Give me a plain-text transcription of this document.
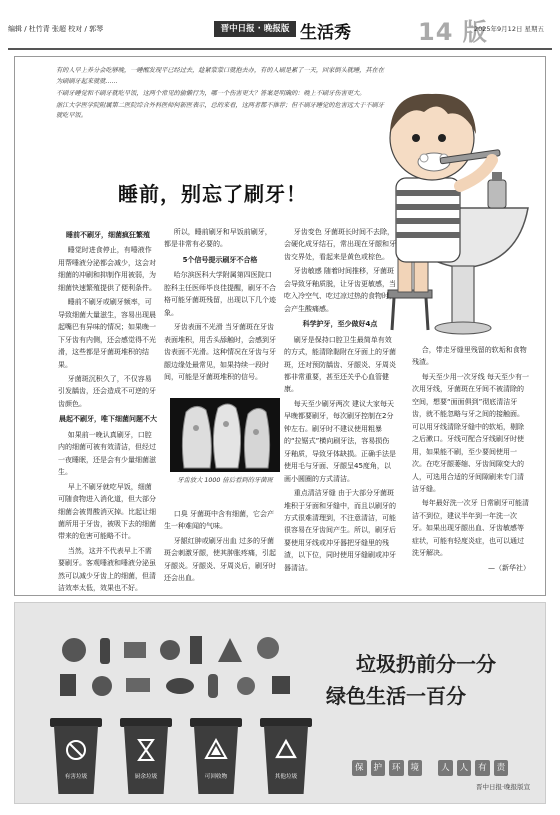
编辑 / 杜竹青 张超 校对 / 郭琴	晋中日报 · 晚报版 生活秀	14 版
2025年9月12日 星期五

有的人早上养分会吃够晚，一睡醒发现平已经过去，趁紧蒙蒙口就抱去办，有的人刷是累了一天，回家倒头就睡，其在在为刷刷牙起来就就……

不刷牙睡觉和不刷牙就吃早饭，这两个常见的偷懒行为，哪一个伤害更大？答案是明确的：晚上不刷牙伤害更大。

浙江大学医学院附属第二医院综合外科医师何新医表示，总的来看，这两者都不推荐；但不刷牙睡觉的危害远大于不刷牙就吃早饭。

睡前，别忘了刷牙！
睡前不刷牙，细菌疯狂繁殖

睡觉时进食停止，有唾液作用帮唾液分泌都会减少，这会对细菌的冲刷和抑制作用被弱，为细菌快速繁殖提供了便利条件。

睡前不刷牙或刷牙频率，可导致细菌大量滋生，容易出现晨起嘴巴有异味的情况；如果晚一下牙齿有内侧，还会感觉得不光滑，这些都是牙菌斑堆积的结果。

牙菌斑沉积久了，不仅容易引发龋齿，还会造成不可逆的牙齿颜色。

晨起不刷牙，唯下细菌问题不大

如果前一晚认真刷牙，口腔内的细菌可被有效清洁，但经过一夜睡眠，还是会有少量细菌滋生。

早上不刷牙就吃早饭，细菌可随食物进入消化道，但大部分细菌会被胃酸消灭掉。比起让细菌所用于牙齿，被吸下去的细菌带来的危害可能略不计。

当然，这并不代表早上不需要刷牙。客观唾液和唾液分泌虽然可以减少牙齿上的细菌，但清洁效率太低，效果也不好。

所以，睡前刷牙和早饭前刷牙，都是非常有必要的。

5个信号提示刷牙不合格

哈尔滨医科大学附属第四医院口腔科主任医师毕良佳提醒，刷牙不合格可能牙菌斑残留，出现以下几个迹象。

牙齿表面不光滑 当牙菌斑在牙齿表面堆积，用舌头舔触时，会感到牙齿表面不光滑。这种情况在牙齿与牙龈边缘处最常见，如果持续一段时间，可能是牙菌斑堆积的信号。

牙齿放大 1000 倍后看到的牙菌斑

口臭 牙菌斑中含有细菌，它会产生一种难闻的气味。

牙龈红肿或刷牙出血 过多的牙菌斑会刺激牙龈，使其肿胀疼痛，引起牙龈炎。牙龈炎、牙周炎后，刷牙时还会出血。

牙齿变色 牙菌斑长时间不去除，会硬化成牙结石，常出现在牙龈和牙齿交界处，看起来是黄色或棕色。

牙齿敏感 随着时间推移，牙菌斑会导致牙釉质脱，让牙齿更敏感，当吃入冷空气、吃过凉过热的食物时，会产生酸痛感。

科学护牙，至少做好4点

刷牙是保持口腔卫生最简单有效的方式，能清除黏附在牙面上的牙菌斑，还对预防龋齿、牙龈炎、牙周炎都非常重要，甚至还关乎心血管健康。

每天至少刷牙两次 建议大家每天早晚都要刷牙，每次刷牙控制在2分钟左右。刷牙时不建议使用粗暴的“拉锯式”横向刷牙法，容易损伤牙釉质，导致牙体缺损。正确手法是使用毛与牙面、牙龈呈45度角，以画小圆圈的方式清洁。

重点清洁牙缝 由于大部分牙菌斑堆积于牙面和牙缝中，而且以刷牙的方式很难清理到，不注意清洁，可能很容易在牙齿间产生。所以，刷牙后要使用牙线或冲牙器把牙缝里的残渣，以下位，同时使用牙缝刷或冲牙器清洁。

合，带走牙缝里残留的软垢和食物残渣。

每天至少用一次牙线 每天至少有一次用牙线，牙菌斑在牙间不被清除的空间，想要“面面俱到”彻底清洁牙齿，就不能忽略与牙之间的接触面。可以用牙线清除牙缝中的软垢，剔除之后漱口。牙线可配合牙线刷牙时使用，如果能不刷，至少要间使用一次。在吃牙龈萎缩、牙齿间隙变大的人，可选用合适的牙间隙刷来专门清洁牙缝。

每年最好洗一次牙 日常刷牙可能清洁不到位，建议半年到一年洗一次牙。如果出现牙龈出血、牙齿敏感等症状，可能有轻度炎症，也可以通过洗牙解决。

—（新华社）

有害垃圾	厨余垃圾	可回收物	其他垃圾
垃圾扔前分一分
绿色生活一百分
保	护	环	境	人	人	有	责
晋中日报·晚报版宣
